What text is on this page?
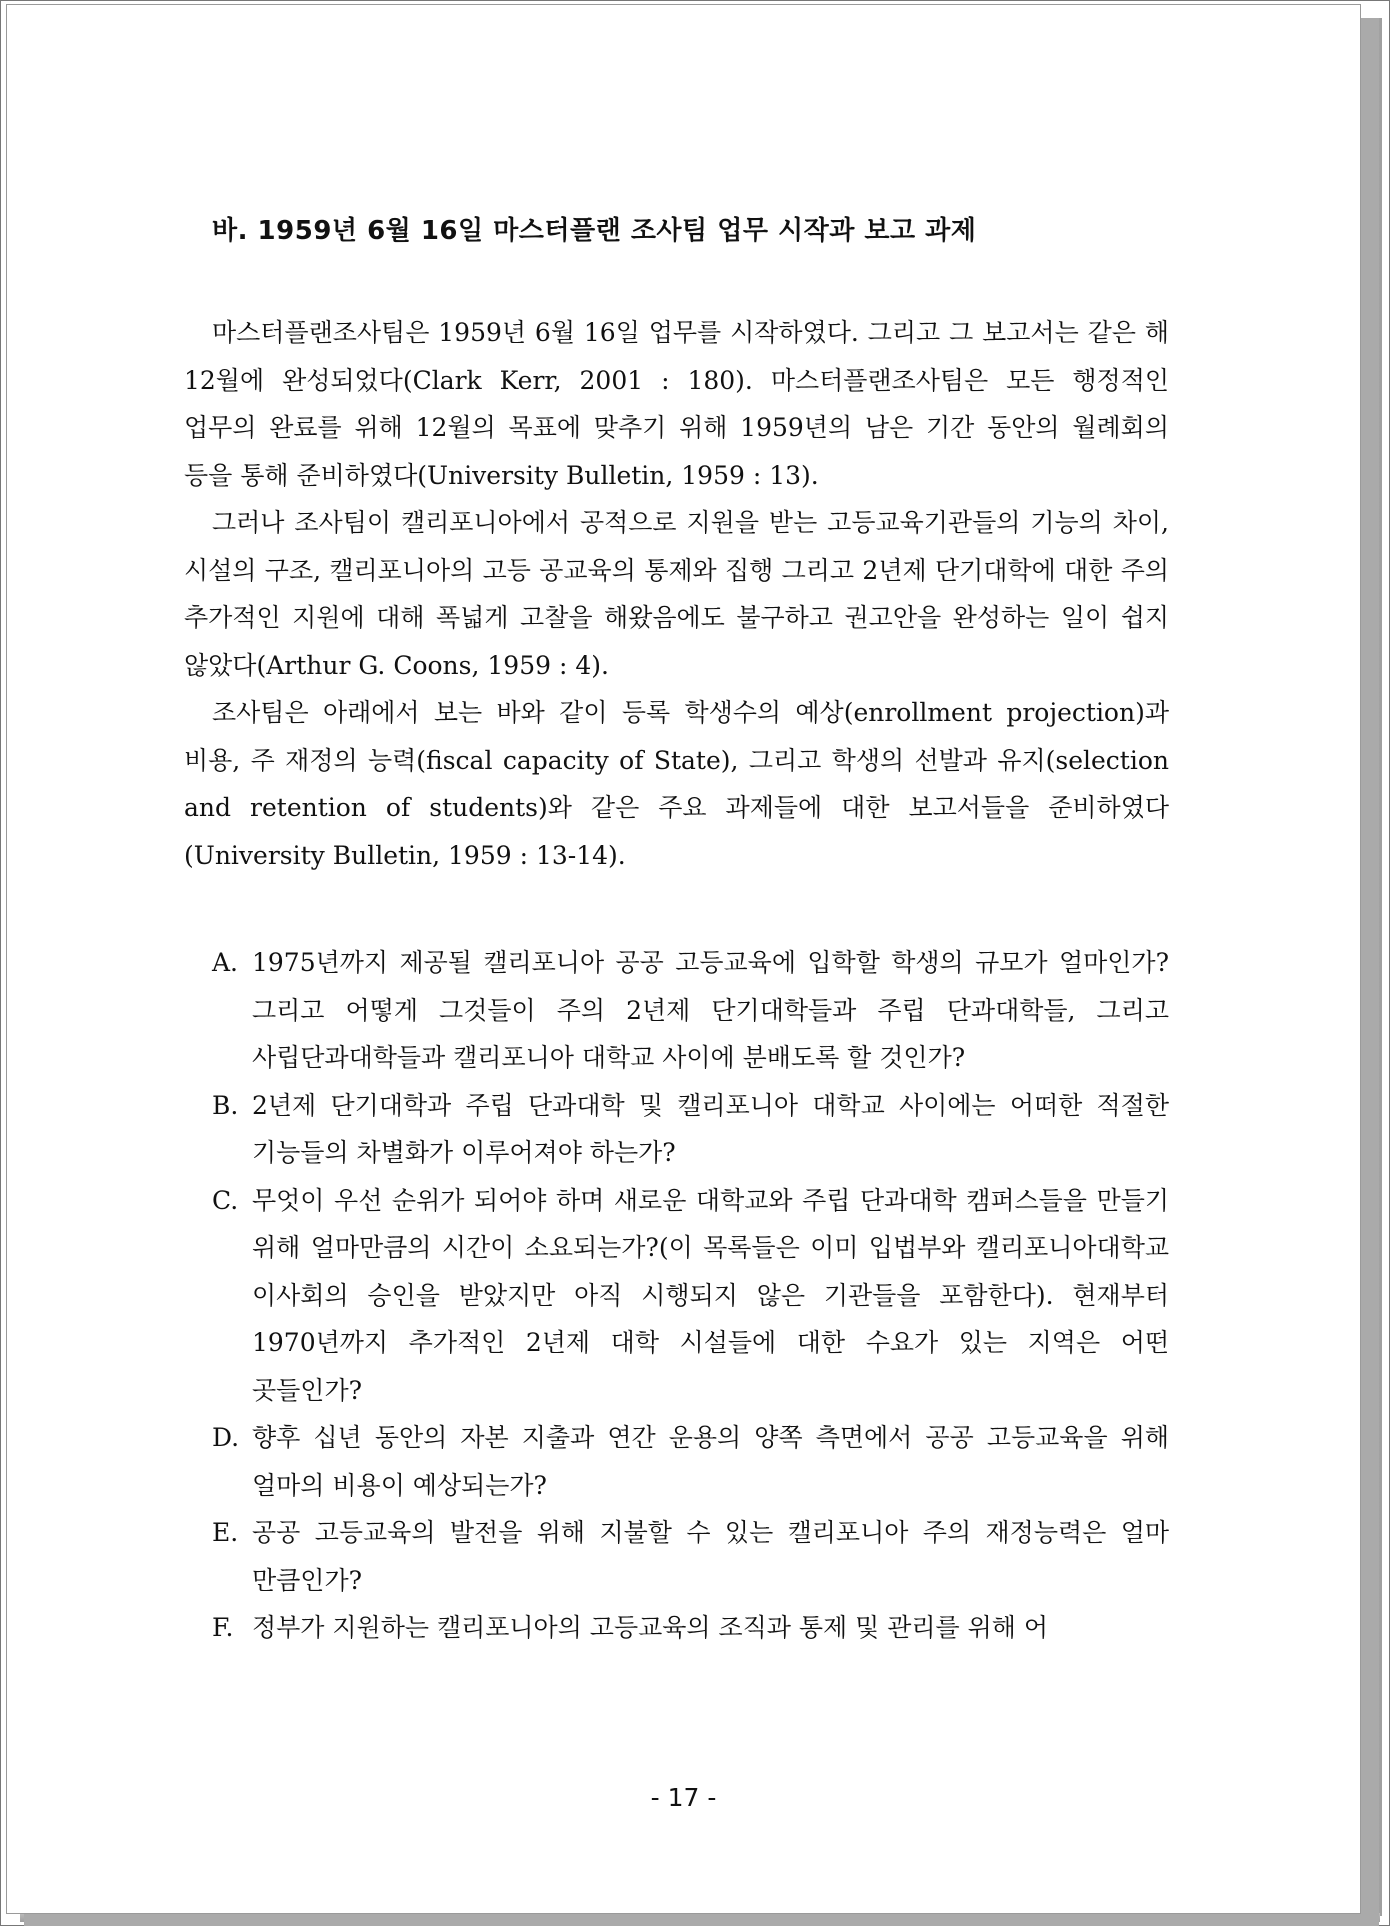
- 17 -
바. 1959년 6월 16일 마스터플랜 조사팀 업무 시작과 보고 과제

마스터플랜조사팀은 1959년 6월 16일 업무를 시작하였다. 그리고 그 보고서는 같은 해 12월에 완성되었다(Clark Kerr, 2001 : 180). 마스터플랜조사팀은 모든 행정적인 업무의 완료를 위해 12월의 목표에 맞추기 위해 1959년의 남은 기간 동안의 월례회의 등을 통해 준비하였다(University Bulletin, 1959 : 13).

그러나 조사팀이 캘리포니아에서 공적으로 지원을 받는 고등교육기관들의 기능의 차이, 시설의 구조, 캘리포니아의 고등 공교육의 통제와 집행 그리고 2년제 단기대학에 대한 주의 추가적인 지원에 대해 폭넓게 고찰을 해왔음에도 불구하고 권고안을 완성하는 일이 쉽지 않았다(Arthur G. Coons, 1959 : 4).

조사팀은 아래에서 보는 바와 같이 등록 학생수의 예상(enrollment projection)과 비용, 주 재정의 능력(fiscal capacity of State), 그리고 학생의 선발과 유지(selection and retention of students)와 같은 주요 과제들에 대한 보고서들을 준비하였다(University Bulletin, 1959 : 13-14).

A. 1975년까지 제공될 캘리포니아 공공 고등교육에 입학할 학생의 규모가 얼마인가? 그리고 어떻게 그것들이 주의 2년제 단기대학들과 주립 단과대학들, 그리고 사립단과대학들과 캘리포니아 대학교 사이에 분배도록 할 것인가?
B. 2년제 단기대학과 주립 단과대학 및 캘리포니아 대학교 사이에는 어떠한 적절한 기능들의 차별화가 이루어져야 하는가?
C. 무엇이 우선 순위가 되어야 하며 새로운 대학교와 주립 단과대학 캠퍼스들을 만들기 위해 얼마만큼의 시간이 소요되는가?(이 목록들은 이미 입법부와 캘리포니아대학교 이사회의 승인을 받았지만 아직 시행되지 않은 기관들을 포함한다). 현재부터 1970년까지 추가적인 2년제 대학 시설들에 대한 수요가 있는 지역은 어떤 곳들인가?
D. 향후 십년 동안의 자본 지출과 연간 운용의 양쪽 측면에서 공공 고등교육을 위해 얼마의 비용이 예상되는가?
E. 공공 고등교육의 발전을 위해 지불할 수 있는 캘리포니아 주의 재정능력은 얼마 만큼인가?
F. 정부가 지원하는 캘리포니아의 고등교육의 조직과 통제 및 관리를 위해 어
